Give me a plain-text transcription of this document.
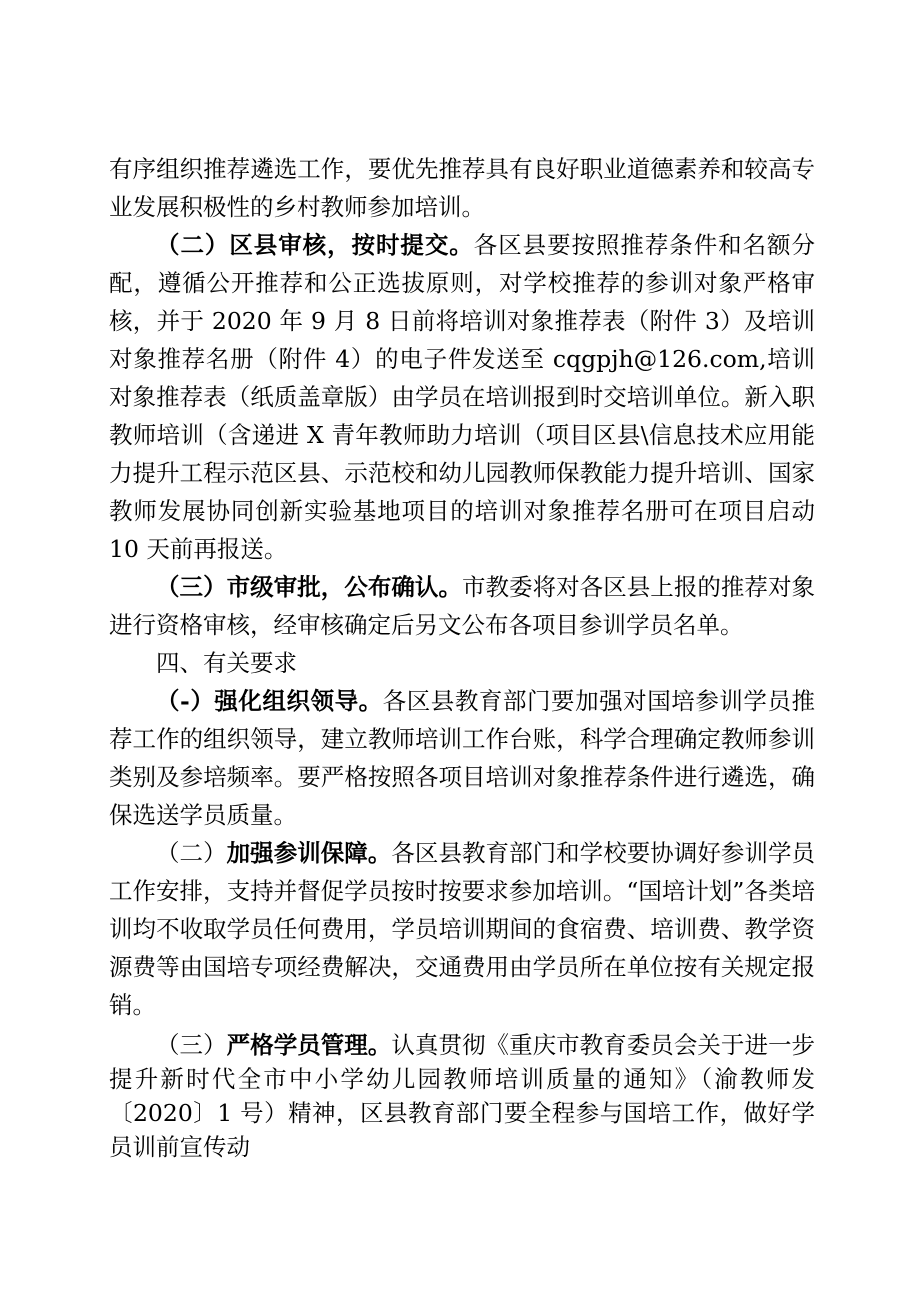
有序组织推荐遴选工作，要优先推荐具有良好职业道德素养和较高专业发展积极性的乡村教师参加培训。

（二）区县审核，按时提交。各区县要按照推荐条件和名额分配，遵循公开推荐和公正选拔原则，对学校推荐的参训对象严格审核，并于 2020 年 9 月 8 日前将培训对象推荐表（附件 3）及培训对象推荐名册（附件 4）的电子件发送至 cqgpjh@126.com,培训对象推荐表（纸质盖章版）由学员在培训报到时交培训单位。新入职教师培训（含递进 X 青年教师助力培训（项目区县\信息技术应用能力提升工程示范区县、示范校和幼儿园教师保教能力提升培训、国家教师发展协同创新实验基地项目的培训对象推荐名册可在项目启动 10 天前再报送。

（三）市级审批，公布确认。市教委将对各区县上报的推荐对象进行资格审核，经审核确定后另文公布各项目参训学员名单。

四、有关要求

（-）强化组织领导。各区县教育部门要加强对国培参训学员推荐工作的组织领导，建立教师培训工作台账，科学合理确定教师参训类别及参培频率。要严格按照各项目培训对象推荐条件进行遴选，确保选送学员质量。

（二）加强参训保障。各区县教育部门和学校要协调好参训学员工作安排，支持并督促学员按时按要求参加培训。“国培计划”各类培训均不收取学员任何费用，学员培训期间的食宿费、培训费、教学资源费等由国培专项经费解决，交通费用由学员所在单位按有关规定报销。

（三）严格学员管理。认真贯彻《重庆市教育委员会关于进一步提升新时代全市中小学幼儿园教师培训质量的通知》（渝教师发〔2020〕1 号）精神，区县教育部门要全程参与国培工作，做好学员训前宣传动
